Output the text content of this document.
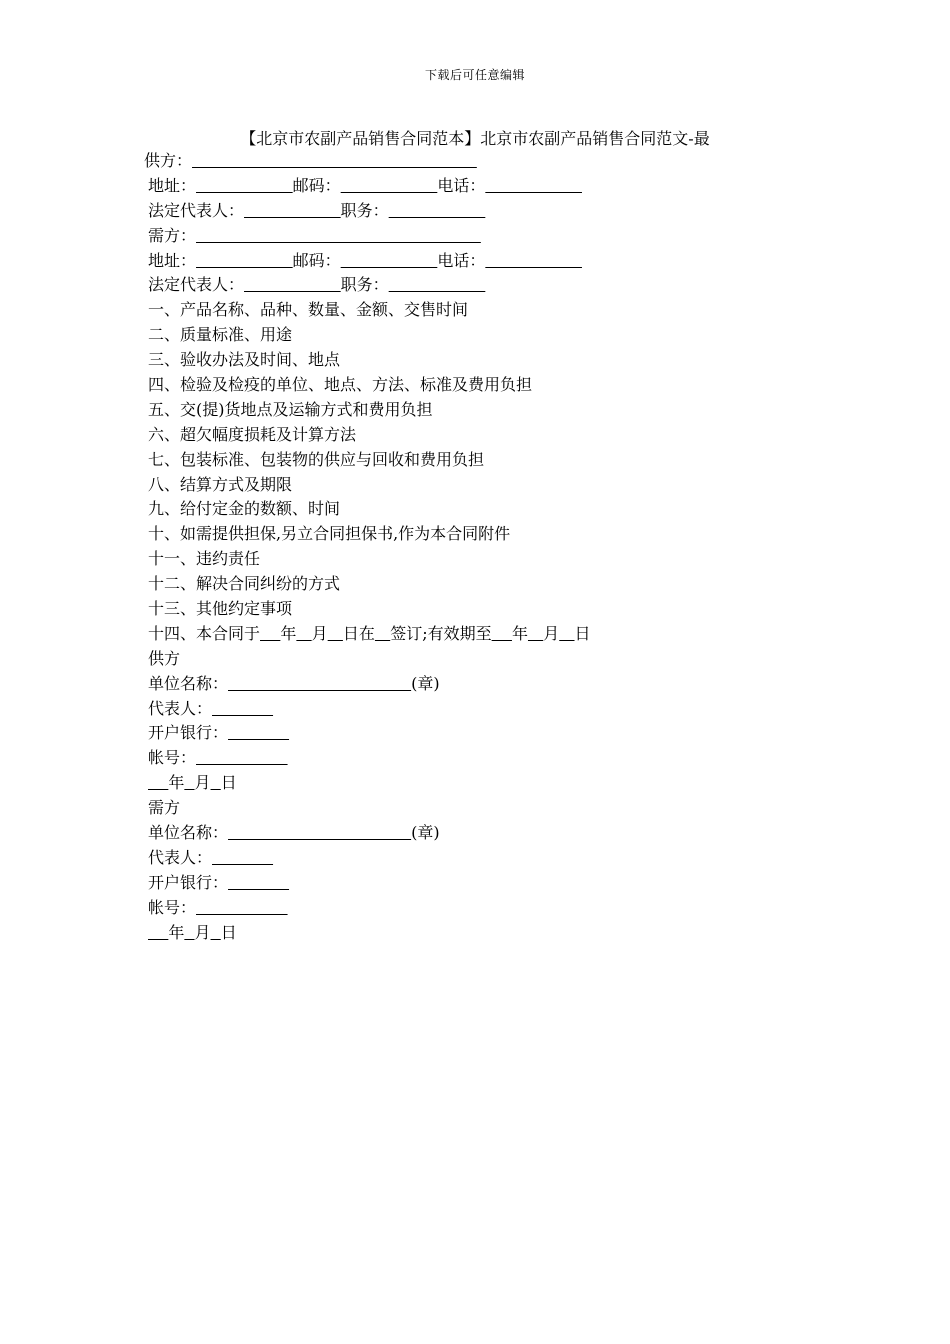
下载后可任意编辑
【北京市农副产品销售合同范本】北京市农副产品销售合同范文-最
供方：
地址：	邮码：	电话：
法定代表人：	职务：
需方：
地址：	邮码：	电话：
法定代表人：	职务：
一、产品名称、品种、数量、金额、交售时间
二、质量标准、用途
三、验收办法及时间、地点
四、检验及检疫的单位、地点、方法、标准及费用负担
五、交(提)货地点及运输方式和费用负担
六、超欠幅度损耗及计算方法
七、包装标准、包装物的供应与回收和费用负担
八、结算方式及期限
九、给付定金的数额、时间
十、如需提供担保,另立合同担保书,作为本合同附件
十一、违约责任
十二、解决合同纠纷的方式
十三、其他约定事项
十四、本合同于 年 月 日在 签订;有效期至 年 月 日
供方
单位名称：	(章)
代表人：
开户银行：
帐号：
年 月 日
需方
单位名称：	(章)
代表人：
开户银行：
帐号：
年 月 日
